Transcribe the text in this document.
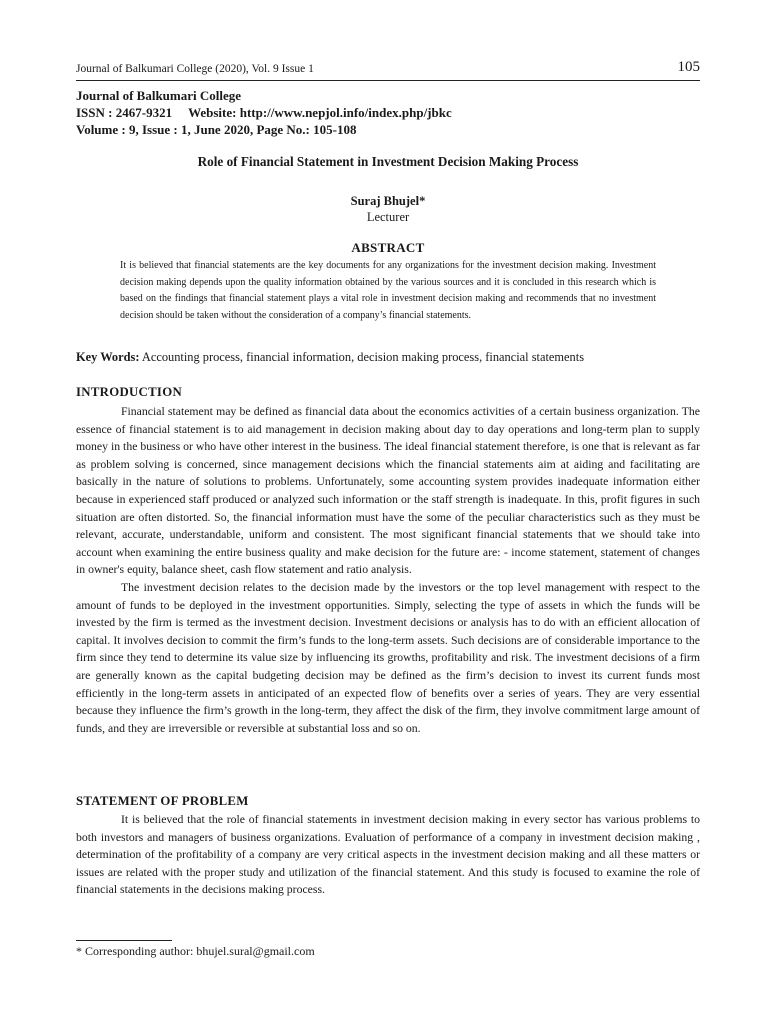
Journal of Balkumari College (2020), Vol. 9 Issue 1	105
Journal of Balkumari College
ISSN : 2467-9321 Website: http://www.nepjol.info/index.php/jbkc
Volume : 9, Issue : 1, June 2020, Page No.: 105-108
Role of Financial Statement in Investment Decision Making Process
Suraj Bhujel*
Lecturer
ABSTRACT
It is believed that financial statements are the key documents for any organizations for the investment decision making. Investment decision making depends upon the quality information obtained by the various sources and it is concluded in this research which is based on the findings that financial statement plays a vital role in investment decision making and recommends that no investment decision should be taken without the consideration of a company’s financial statements.
Key Words: Accounting process, financial information, decision making process, financial statements
INTRODUCTION

Financial statement may be defined as financial data about the economics activities of a certain business organization. The essence of financial statement is to aid management in decision making about day to day operations and long-term plan to supply money in the business or who have other interest in the business. The ideal financial statement therefore, is one that is relevant as far as problem solving is concerned, since management decisions which the financial statements aim at aiding and facilitating are basically in the nature of solutions to problems. Unfortunately, some accounting system provides inadequate information either because in experienced staff produced or analyzed such information or the staff strength is inadequate. In this, profit figures in such situation are often distorted. So, the financial information must have the some of the peculiar characteristics such as they must be relevant, accurate, understandable, uniform and consistent. The most significant financial statements that we should take into account when examining the entire business quality and make decision for the future are: - income statement, statement of changes in owner's equity, balance sheet, cash flow statement and ratio analysis.

The investment decision relates to the decision made by the investors or the top level management with respect to the amount of funds to be deployed in the investment opportunities. Simply, selecting the type of assets in which the funds will be invested by the firm is termed as the investment decision. Investment decisions or analysis has to do with an efficient allocation of capital. It involves decision to commit the firm’s funds to the long-term assets. Such decisions are of considerable importance to the firm since they tend to determine its value size by influencing its growths, profitability and risk. The investment decisions of a firm are generally known as the capital budgeting decision may be defined as the firm’s decision to invest its current funds most efficiently in the long-term assets in anticipated of an expected flow of benefits over a series of years. They are very essential because they influence the firm’s growth in the long-term, they affect the disk of the firm, they involve commitment large amount of funds, and they are irreversible or reversible at substantial loss and so on.

STATEMENT OF PROBLEM

It is believed that the role of financial statements in investment decision making in every sector has various problems to both investors and managers of business organizations. Evaluation of performance of a company in investment decision making , determination of the profitability of a company are very critical aspects in the investment decision making and all these matters or issues are related with the proper study and utilization of the financial statement. And this study is focused to examine the role of financial statements in the decisions making process.

* Corresponding author: bhujel.sural@gmail.com
